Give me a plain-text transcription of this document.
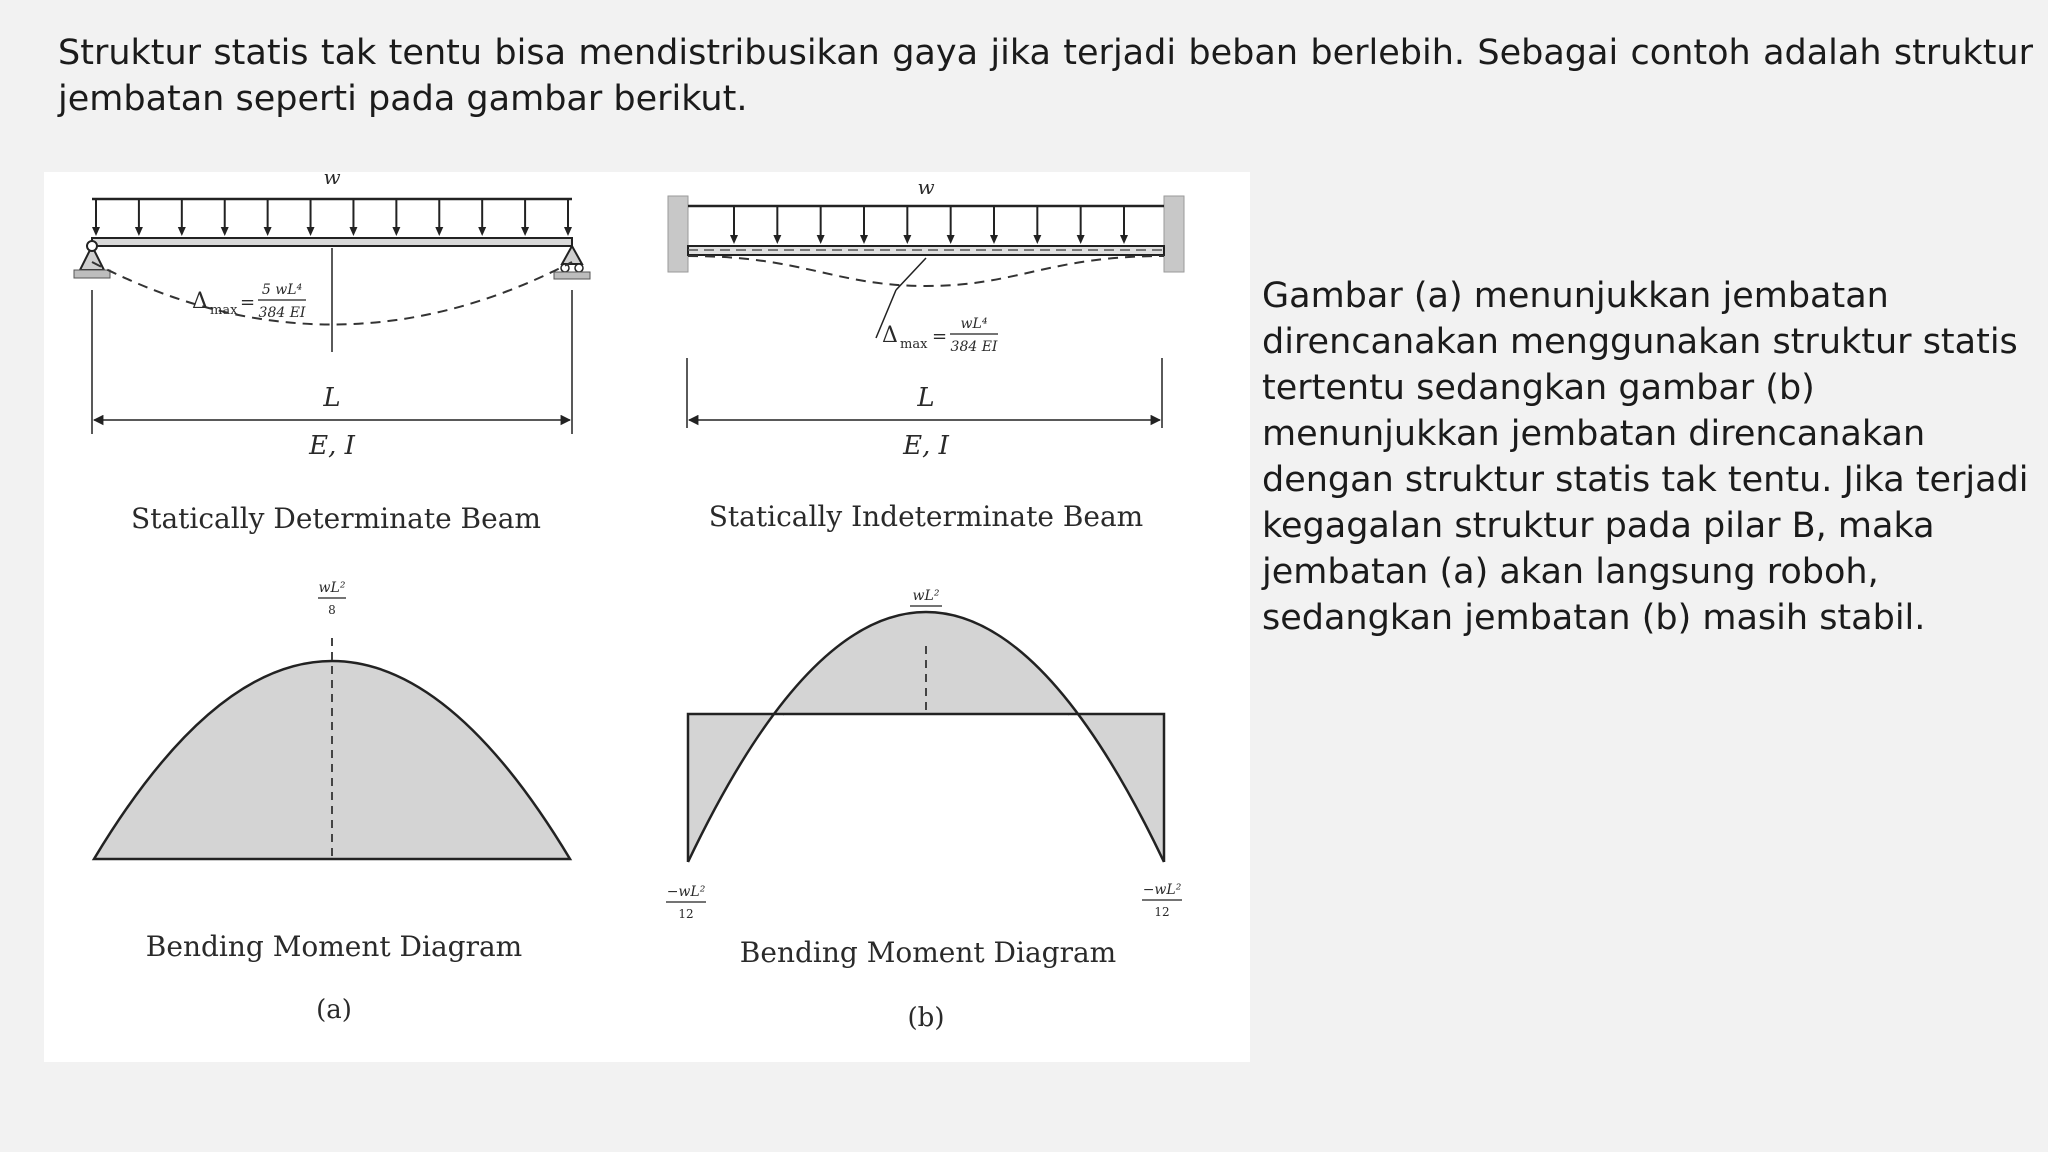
Struktur statis tak tentu bisa mendistribusikan gaya jika terjadi beban berlebih. Sebagai contoh adalah struktur jembatan seperti pada gambar berikut.

w
Δ max =
5 wL⁴
384 EI
L
E, I
Statically Determinate Beam
wL²
8
Bending Moment Diagram
(a)
w
Δ max =
wL⁴
384 EI
L
E, I
Statically Indeterminate Beam
wL²
−wL²
12
−wL²
12
Bending Moment Diagram
(b)

Gambar (a) menunjukkan jembatan direncanakan menggunakan struktur statis tertentu sedangkan gambar (b) menunjukkan jembatan direncanakan dengan struktur statis tak tentu. Jika terjadi kegagalan struktur pada pilar B, maka jembatan (a) akan langsung roboh, sedangkan jembatan (b) masih stabil.
